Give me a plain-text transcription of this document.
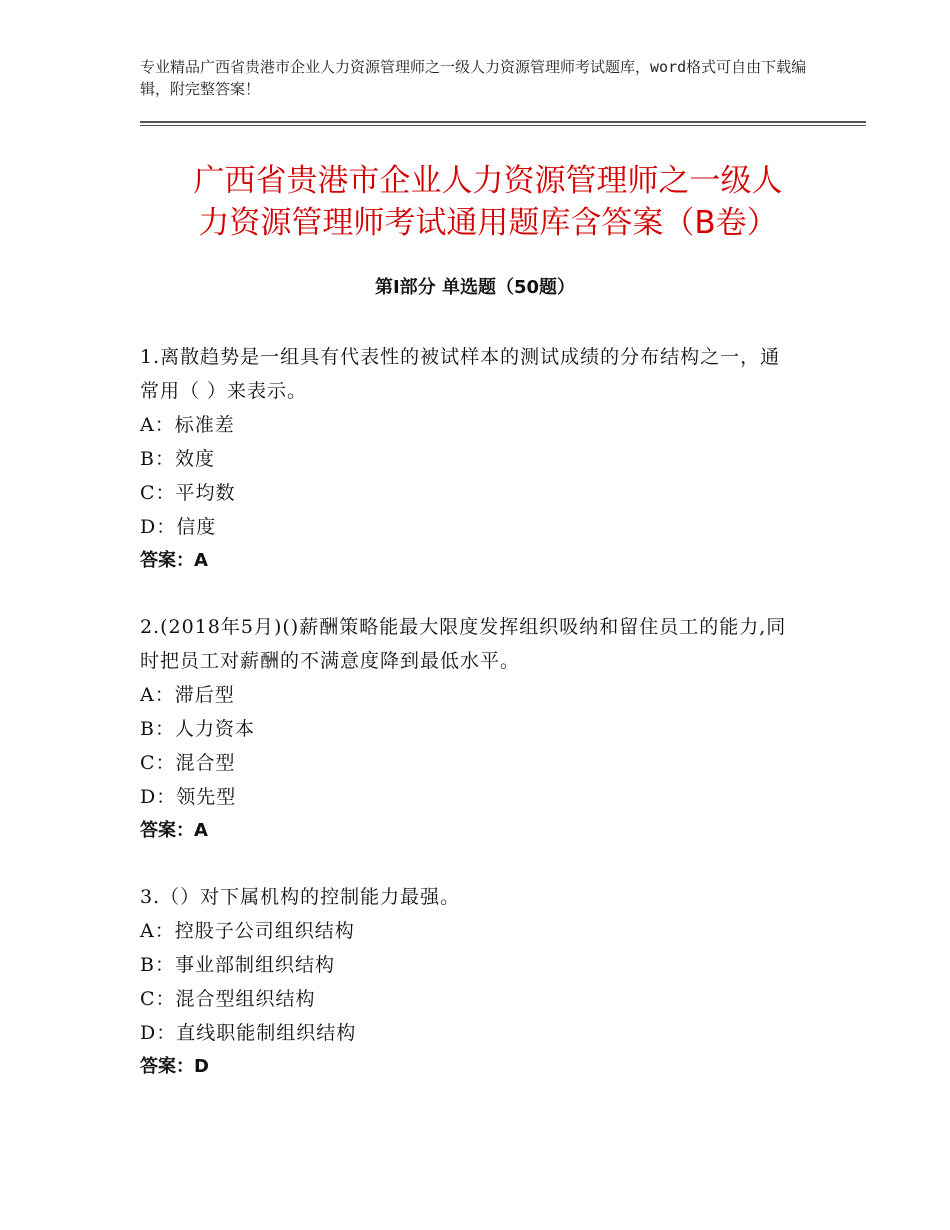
专业精品广西省贵港市企业人力资源管理师之一级人力资源管理师考试题库，word格式可自由下载编辑，附完整答案！
广西省贵港市企业人力资源管理师之一级人
力资源管理师考试通用题库含答案（B卷）
第Ⅰ部分 单选题（50题）
1.离散趋势是一组具有代表性的被试样本的测试成绩的分布结构之一，通常用（ ）来表示。
A：标准差
B：效度
C：平均数
D：信度
答案：A
2.(2018年5月)()薪酬策略能最大限度发挥组织吸纳和留住员工的能力,同时把员工对薪酬的不满意度降到最低水平。
A：滞后型
B：人力资本
C：混合型
D：领先型
答案：A
3.（）对下属机构的控制能力最强。
A：控股子公司组织结构
B：事业部制组织结构
C：混合型组织结构
D：直线职能制组织结构
答案：D
